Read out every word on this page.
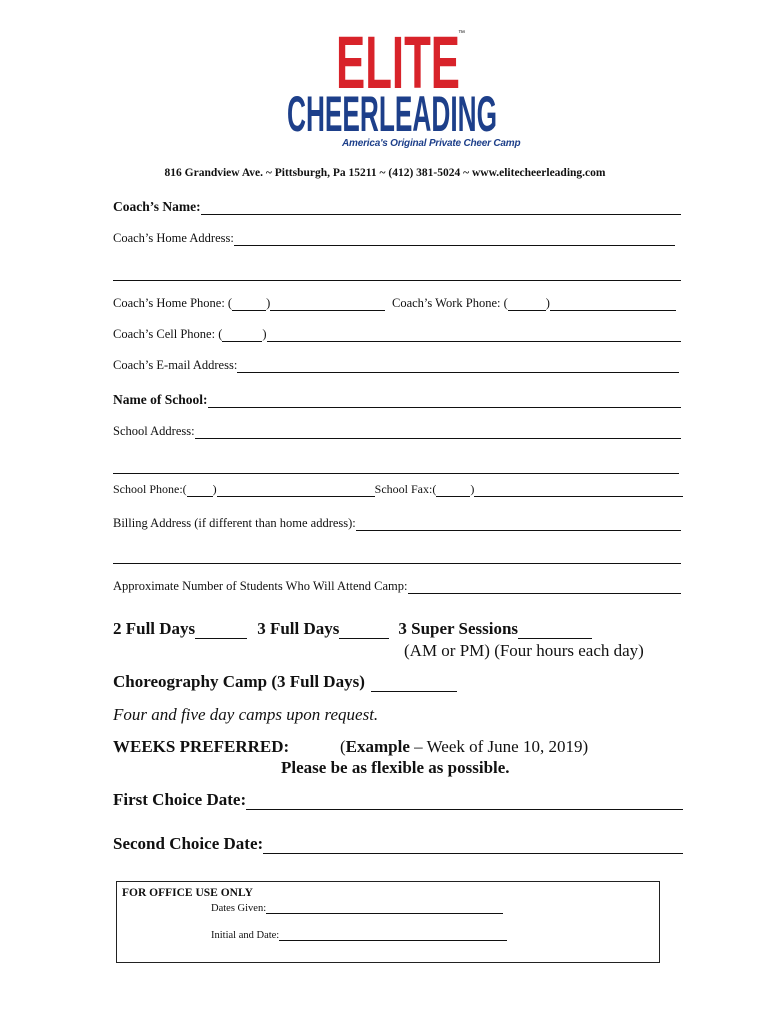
ELITE
™
CHEERLEADING
America's Original Private Cheer Camp
816 Grandview Ave. ~ Pittsburgh, Pa 15211 ~ (412) 381-5024 ~ www.elitecheerleading.com
Coach’s Name:
Coach’s Home Address:
Coach’s Home Phone: (	)	Coach’s Work Phone: (	)
Coach’s Cell Phone: (	)
Coach’s E-mail Address:
Name of School:
School Address:
School Phone:( )	School Fax:(	)
Billing Address (if different than home address):
Approximate Number of Students Who Will Attend Camp:
2 Full Days	3 Full Days	3 Super Sessions
(AM or PM) (Four hours each day)
Choreography Camp (3 Full Days)
Four and five day camps upon request.
WEEKS PREFERRED:	(Example – Week of June 10, 2019)
Please be as flexible as possible.
First Choice Date:
Second Choice Date:
FOR OFFICE USE ONLY
Dates Given:
Initial and Date:
